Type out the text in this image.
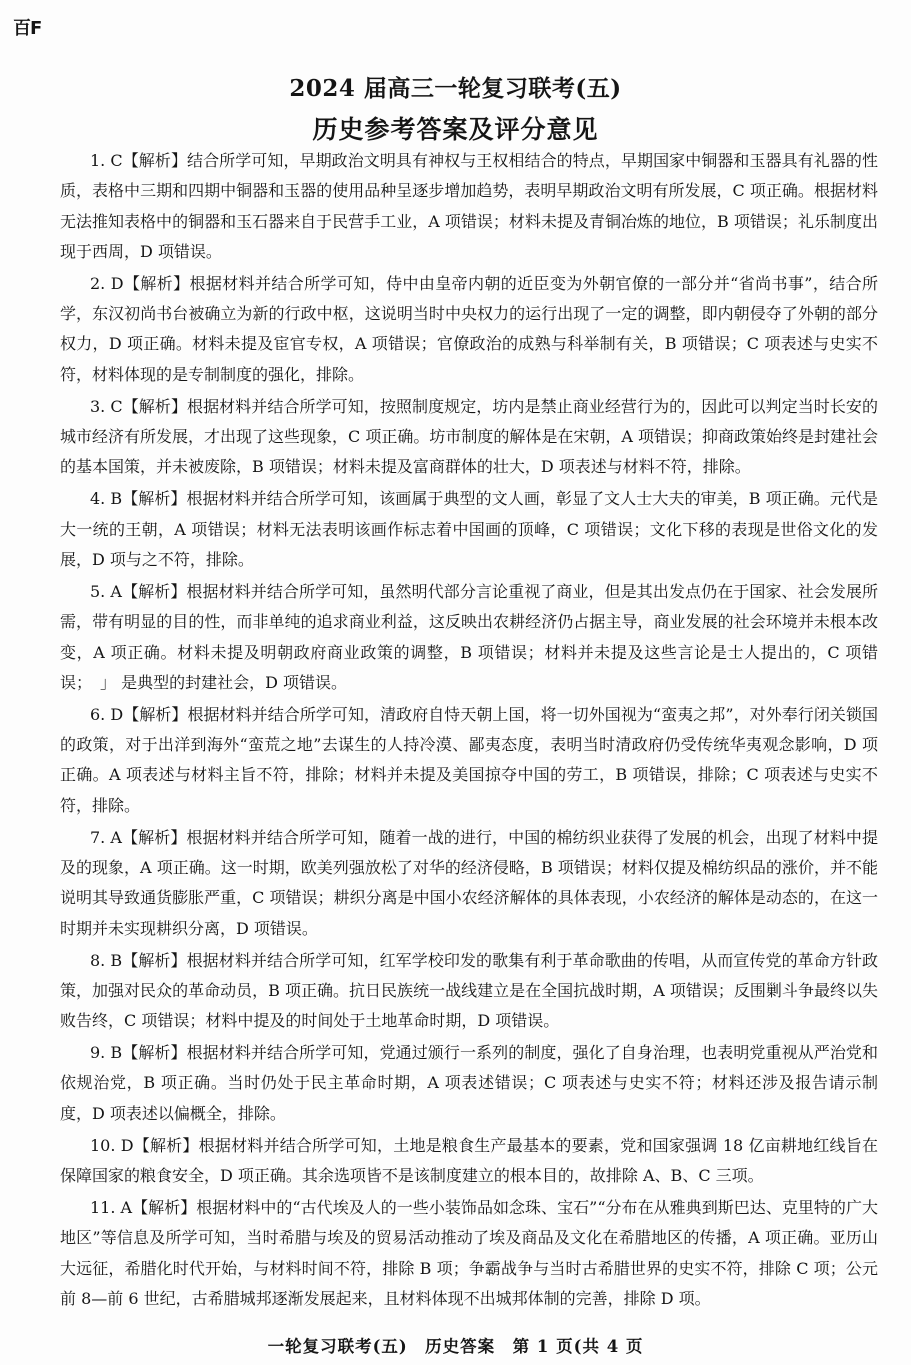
百F
2024 届高三一轮复习联考(五)
历史参考答案及评分意见

1. C【解析】结合所学可知，早期政治文明具有神权与王权相结合的特点，早期国家中铜器和玉器具有礼器的性质，表格中三期和四期中铜器和玉器的使用品种呈逐步增加趋势，表明早期政治文明有所发展，C 项正确。根据材料无法推知表格中的铜器和玉石器来自于民营手工业，A 项错误；材料未提及青铜冶炼的地位，B 项错误；礼乐制度出现于西周，D 项错误。

2. D【解析】根据材料并结合所学可知，侍中由皇帝内朝的近臣变为外朝官僚的一部分并“省尚书事”，结合所学，东汉初尚书台被确立为新的行政中枢，这说明当时中央权力的运行出现了一定的调整，即内朝侵夺了外朝的部分权力，D 项正确。材料未提及宦官专权，A 项错误；官僚政治的成熟与科举制有关，B 项错误；C 项表述与史实不符，材料体现的是专制制度的强化，排除。

3. C【解析】根据材料并结合所学可知，按照制度规定，坊内是禁止商业经营行为的，因此可以判定当时长安的城市经济有所发展，才出现了这些现象，C 项正确。坊市制度的解体是在宋朝，A 项错误；抑商政策始终是封建社会的基本国策，并未被废除，B 项错误；材料未提及富商群体的壮大，D 项表述与材料不符，排除。

4. B【解析】根据材料并结合所学可知，该画属于典型的文人画，彰显了文人士大夫的审美，B 项正确。元代是大一统的王朝，A 项错误；材料无法表明该画作标志着中国画的顶峰，C 项错误；文化下移的表现是世俗文化的发展，D 项与之不符，排除。

5. A【解析】根据材料并结合所学可知，虽然明代部分言论重视了商业，但是其出发点仍在于国家、社会发展所需，带有明显的目的性，而非单纯的追求商业利益，这反映出农耕经济仍占据主导，商业发展的社会环境并未根本改变，A 项正确。材料未提及明朝政府商业政策的调整，B 项错误；材料并未提及这些言论是士人提出的，C 项错误；　」 是典型的封建社会，D 项错误。

6. D【解析】根据材料并结合所学可知，清政府自恃天朝上国，将一切外国视为“蛮夷之邦”，对外奉行闭关锁国的政策，对于出洋到海外“蛮荒之地”去谋生的人持冷漠、鄙夷态度，表明当时清政府仍受传统华夷观念影响，D 项正确。A 项表述与材料主旨不符，排除；材料并未提及美国掠夺中国的劳工，B 项错误，排除；C 项表述与史实不符，排除。

7. A【解析】根据材料并结合所学可知，随着一战的进行，中国的棉纺织业获得了发展的机会，出现了材料中提及的现象，A 项正确。这一时期，欧美列强放松了对华的经济侵略，B 项错误；材料仅提及棉纺织品的涨价，并不能说明其导致通货膨胀严重，C 项错误；耕织分离是中国小农经济解体的具体表现，小农经济的解体是动态的，在这一时期并未实现耕织分离，D 项错误。

8. B【解析】根据材料并结合所学可知，红军学校印发的歌集有利于革命歌曲的传唱，从而宣传党的革命方针政策，加强对民众的革命动员，B 项正确。抗日民族统一战线建立是在全国抗战时期，A 项错误；反围剿斗争最终以失败告终，C 项错误；材料中提及的时间处于土地革命时期，D 项错误。

9. B【解析】根据材料并结合所学可知，党通过颁行一系列的制度，强化了自身治理，也表明党重视从严治党和依规治党，B 项正确。当时仍处于民主革命时期，A 项表述错误；C 项表述与史实不符；材料还涉及报告请示制度，D 项表述以偏概全，排除。

10. D【解析】根据材料并结合所学可知，土地是粮食生产最基本的要素，党和国家强调 18 亿亩耕地红线旨在保障国家的粮食安全，D 项正确。其余选项皆不是该制度建立的根本目的，故排除 A、B、C 三项。

11. A【解析】根据材料中的“古代埃及人的一些小装饰品如念珠、宝石”“分布在从雅典到斯巴达、克里特的广大地区”等信息及所学可知，当时希腊与埃及的贸易活动推动了埃及商品及文化在希腊地区的传播，A 项正确。亚历山大远征，希腊化时代开始，与材料时间不符，排除 B 项；争霸战争与当时古希腊世界的史实不符，排除 C 项；公元前 8—前 6 世纪，古希腊城邦逐渐发展起来，且材料体现不出城邦体制的完善，排除 D 项。

一轮复习联考(五)　历史答案　第 1 页(共 4 页
